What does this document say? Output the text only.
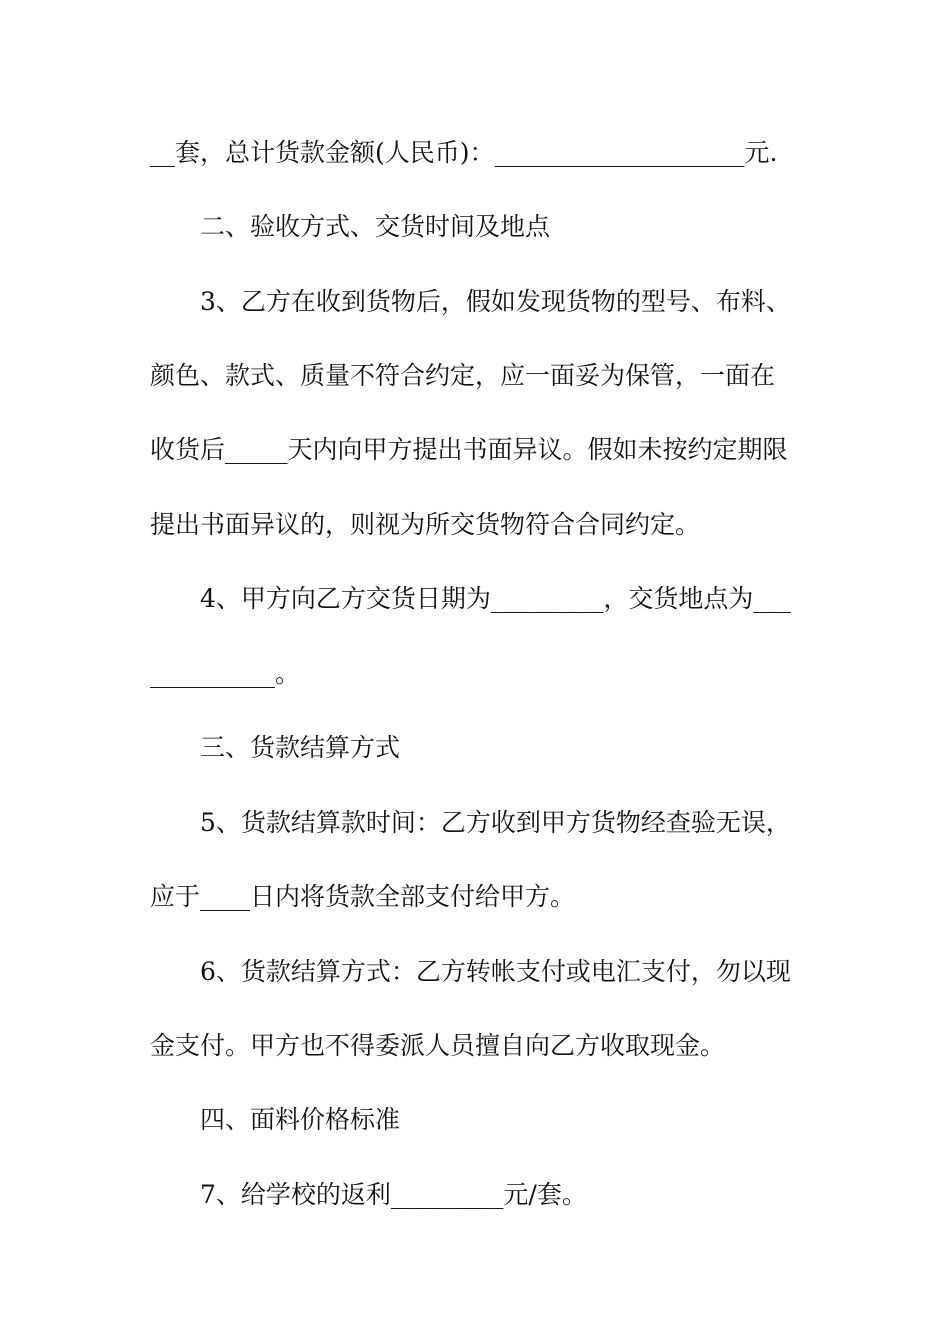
__套，总计货款金额(人民币)：____________________元.
二、验收方式、交货时间及地点
3、乙方在收到货物后，假如发现货物的型号、布料、
颜色、款式、质量不符合约定，应一面妥为保管，一面在
收货后_____天内向甲方提出书面异议。假如未按约定期限
提出书面异议的，则视为所交货物符合合同约定。
4、甲方向乙方交货日期为_________，交货地点为___
__________。
三、货款结算方式
5、货款结算款时间：乙方收到甲方货物经查验无误，
应于____日内将货款全部支付给甲方。
6、货款结算方式：乙方转帐支付或电汇支付，勿以现
金支付。甲方也不得委派人员擅自向乙方收取现金。
四、面料价格标准
7、给学校的返利_________元/套。
